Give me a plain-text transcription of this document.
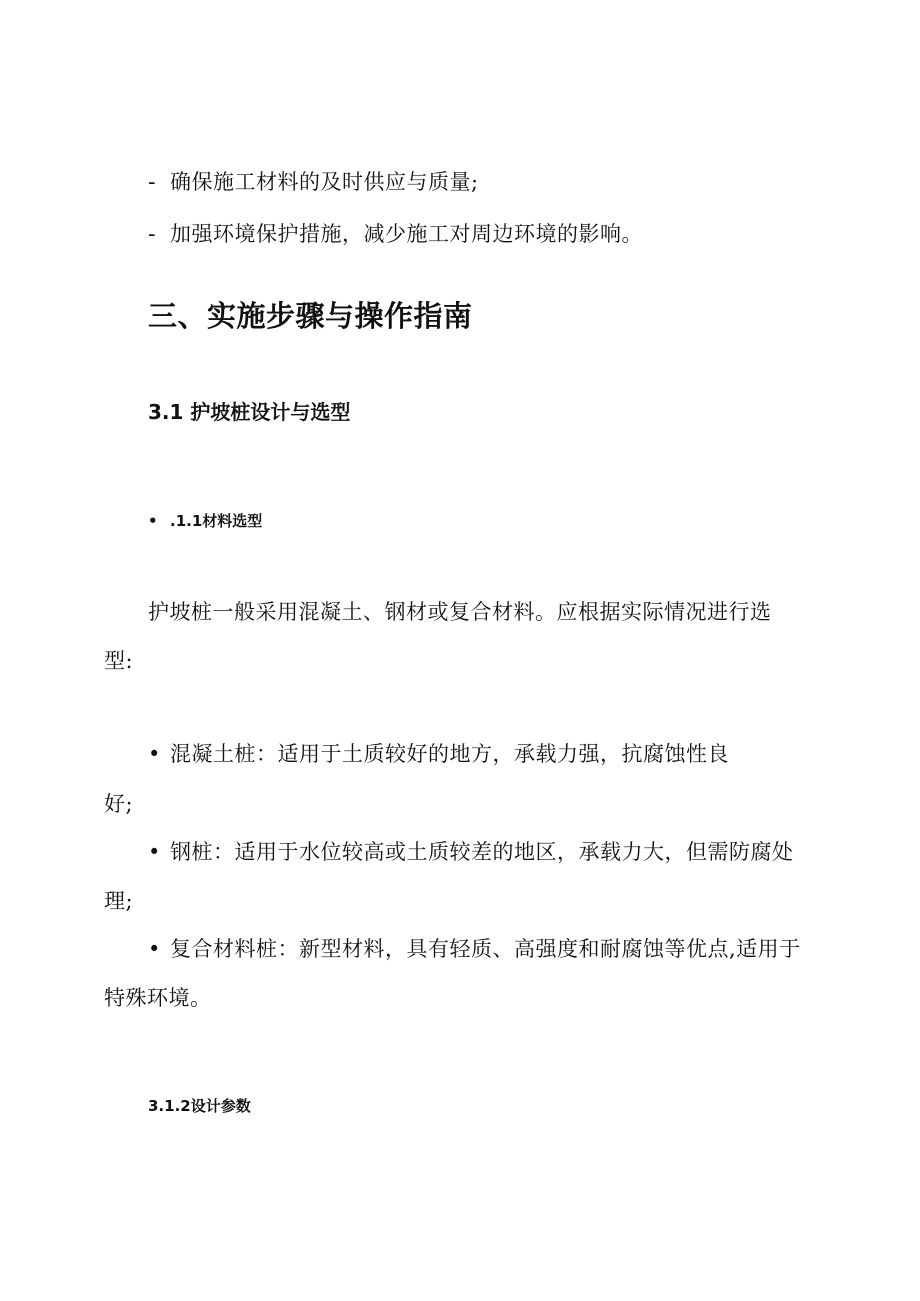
- 确保施工材料的及时供应与质量;
- 加强环境保护措施，减少施工对周边环境的影响。
三、实施步骤与操作指南
3.1 护坡桩设计与选型
• .1.1材料选型
护坡桩一般采用混凝土、钢材或复合材料。应根据实际情况进行选
型:
• 混凝土桩：适用于土质较好的地方，承载力强，抗腐蚀性良
好;
• 钢桩：适用于水位较高或土质较差的地区，承载力大，但需防腐处
理;
• 复合材料桩：新型材料，具有轻质、高强度和耐腐蚀等优点,适用于
特殊环境。
3.1.2设计参数
